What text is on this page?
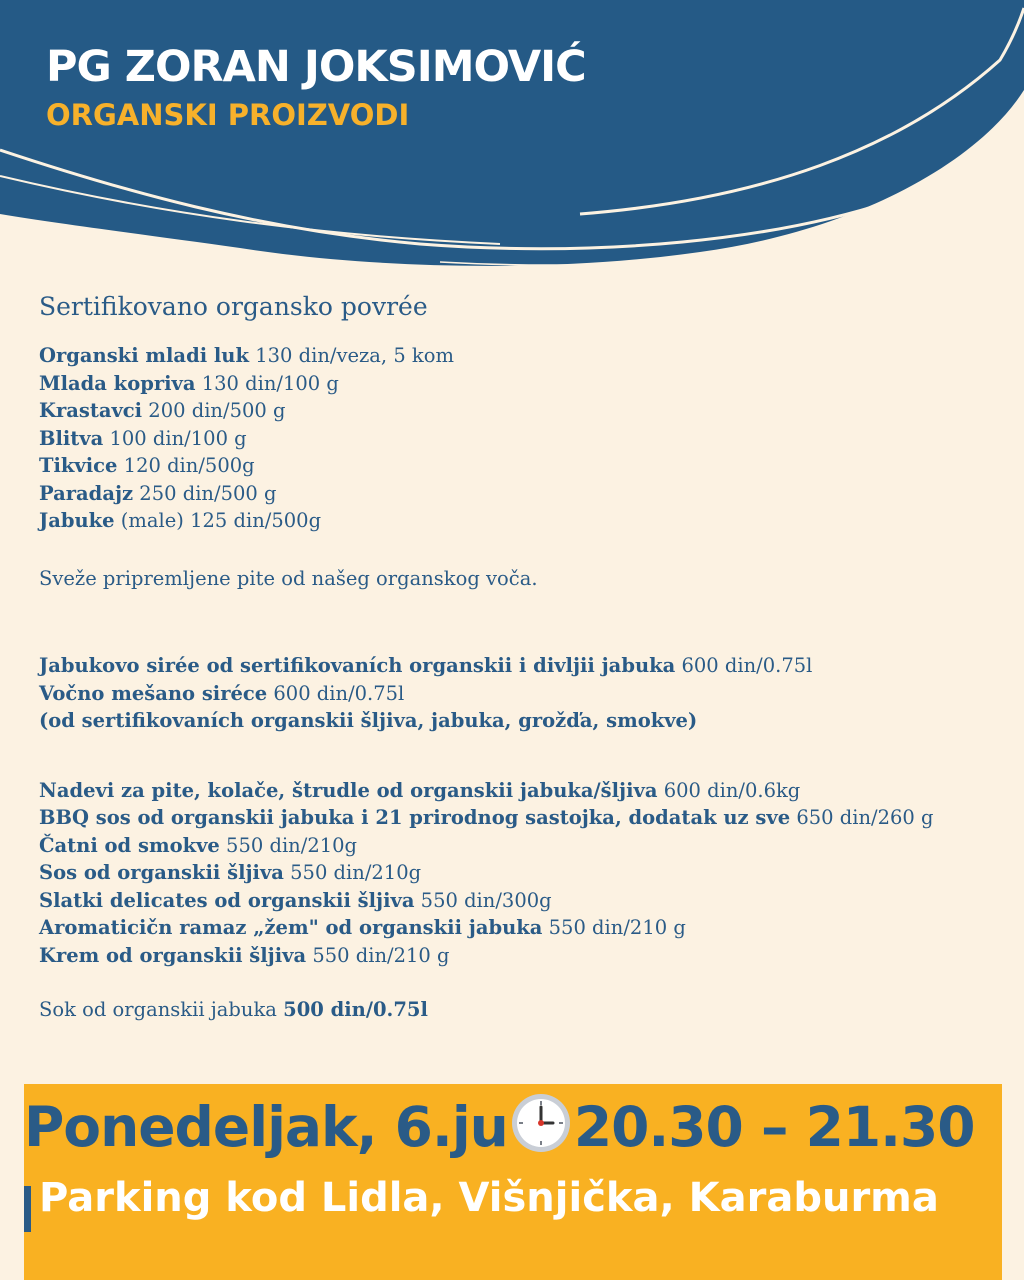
PG ZORAN JOKSIMOVIĆ
ORGANSKI PROIZVODI

Sertifikovano organsko povrée

Organski mladi luk 130 din/veza, 5 kom

Mlada kopriva 130 din/100 g

Krastavci 200 din/500 g

Blitva 100 din/100 g

Tikvice 120 din/500g

Paradajz 250 din/500 g

Jabuke (male) 125 din/500g

Sveže pripremljene pite od našeg organskog voča.

Jabukovo sirée od sertifikovaních organskii i divljii jabuka 600 din/0.75l

Vočno mešano siréce 600 din/0.75l

(od sertifikovaních organskii šljiva, jabuka, grožďa, smokve)

Nadevi za pite, kolače, štrudle od organskii jabuka/šljiva 600 din/0.6kg

BBQ sos od organskii jabuka i 21 prirodnog sastojka, dodatak uz sve 650 din/260 g

Čatni od smokve 550 din/210g

Sos od organskii šljiva 550 din/210g

Slatki delicates od organskii šljiva 550 din/300g

Aromaticičn ramaz „žem" od organskii jabuka 550 din/210 g

Krem od organskii šljiva 550 din/210 g

Sok od organskii jabuka 500 din/0.75l

Ponedeljak, 6.ju 20.30 – 21.30

Parking kod Lidla, Višnjička, Karaburma
